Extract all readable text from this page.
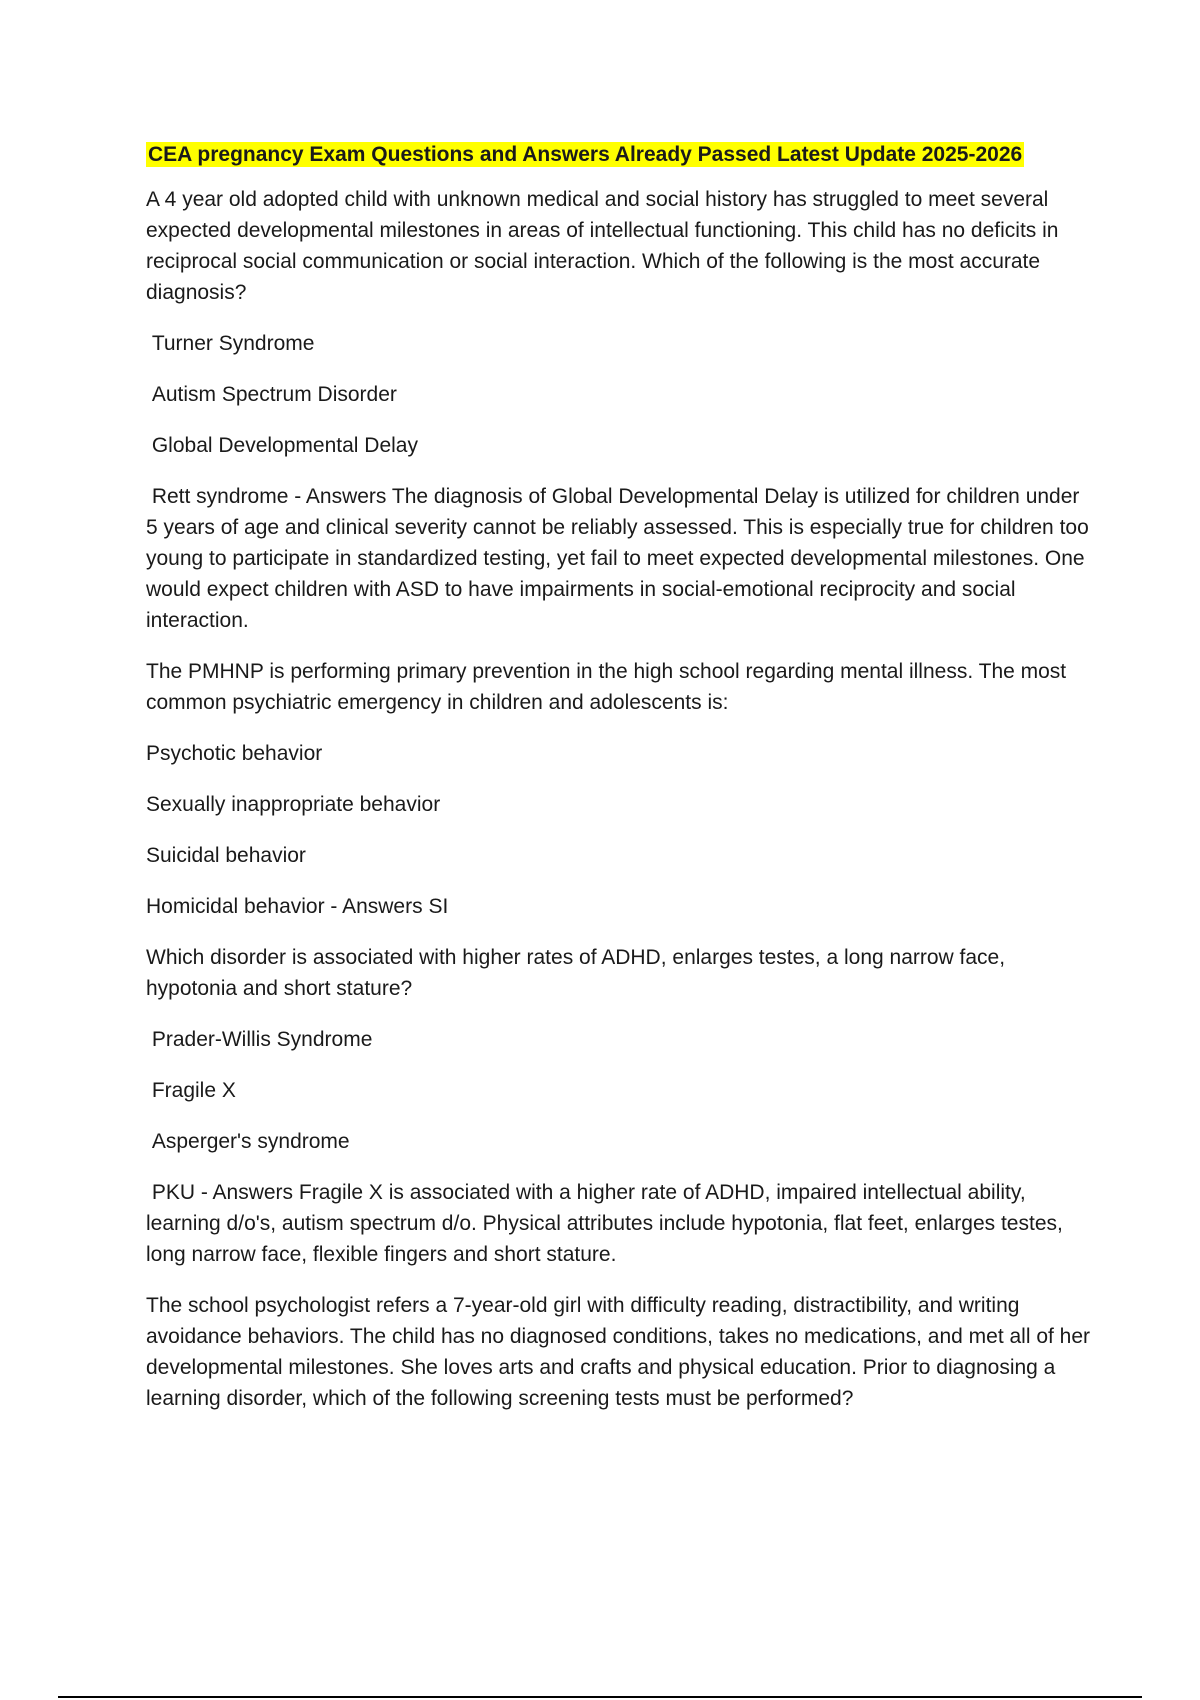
CEA pregnancy Exam Questions and Answers Already Passed Latest Update 2025-2026

A 4 year old adopted child with unknown medical and social history has struggled to meet several expected developmental milestones in areas of intellectual functioning. This child has no deficits in reciprocal social communication or social interaction. Which of the following is the most accurate diagnosis?

Turner Syndrome

Autism Spectrum Disorder

Global Developmental Delay

Rett syndrome - Answers The diagnosis of Global Developmental Delay is utilized for children under 5 years of age and clinical severity cannot be reliably assessed. This is especially true for children too young to participate in standardized testing, yet fail to meet expected developmental milestones. One would expect children with ASD to have impairments in social-emotional reciprocity and social interaction.

The PMHNP is performing primary prevention in the high school regarding mental illness. The most common psychiatric emergency in children and adolescents is:

Psychotic behavior

Sexually inappropriate behavior

Suicidal behavior

Homicidal behavior - Answers SI

Which disorder is associated with higher rates of ADHD, enlarges testes, a long narrow face, hypotonia and short stature?

Prader-Willis Syndrome

Fragile X

Asperger's syndrome

PKU - Answers Fragile X is associated with a higher rate of ADHD, impaired intellectual ability, learning d/o's, autism spectrum d/o. Physical attributes include hypotonia, flat feet, enlarges testes, long narrow face, flexible fingers and short stature.

The school psychologist refers a 7-year-old girl with difficulty reading, distractibility, and writing avoidance behaviors. The child has no diagnosed conditions, takes no medications, and met all of her developmental milestones. She loves arts and crafts and physical education. Prior to diagnosing a learning disorder, which of the following screening tests must be performed?
